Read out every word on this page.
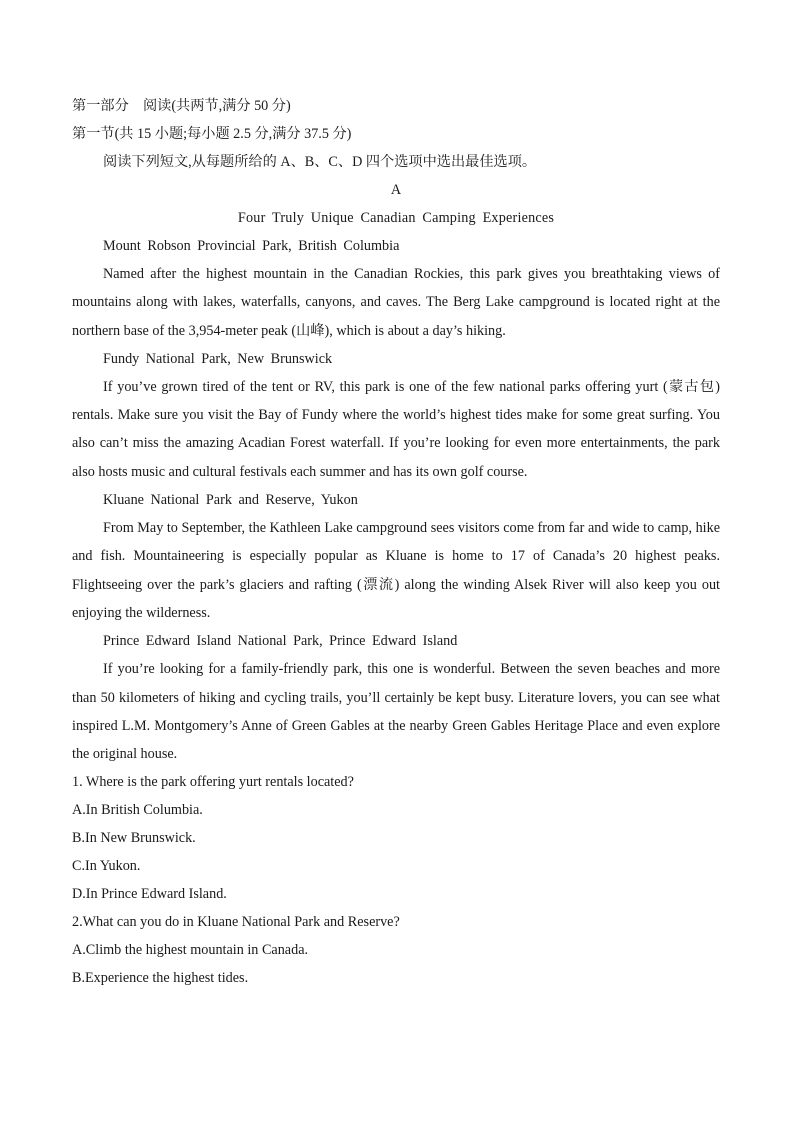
第一部分　阅读(共两节,满分 50 分)
第一节(共 15 小题;每小题 2.5 分,满分 37.5 分)
阅读下列短文,从每题所给的 A、B、C、D 四个选项中选出最佳选项。
A
Four Truly Unique Canadian Camping Experiences
Mount Robson Provincial Park, British Columbia

Named after the highest mountain in the Canadian Rockies, this park gives you breathtaking views of mountains along with lakes, waterfalls, canyons, and caves. The Berg Lake campground is located right at the northern base of the 3,954-meter peak (山峰), which is about a day’s hiking.

Fundy National Park, New Brunswick

If you’ve grown tired of the tent or RV, this park is one of the few national parks offering yurt (蒙古包) rentals. Make sure you visit the Bay of Fundy where the world’s highest tides make for some great surfing. You also can’t miss the amazing Acadian Forest waterfall. If you’re looking for even more entertainments, the park also hosts music and cultural festivals each summer and has its own golf course.

Kluane National Park and Reserve, Yukon

From May to September, the Kathleen Lake campground sees visitors come from far and wide to camp, hike and fish. Mountaineering is especially popular as Kluane is home to 17 of Canada’s 20 highest peaks. Flightseeing over the park’s glaciers and rafting (漂流) along the winding Alsek River will also keep you out enjoying the wilderness.

Prince Edward Island National Park, Prince Edward Island

If you’re looking for a family-friendly park, this one is wonderful. Between the seven beaches and more than 50 kilometers of hiking and cycling trails, you’ll certainly be kept busy. Literature lovers, you can see what inspired L.M. Montgomery’s Anne of Green Gables at the nearby Green Gables Heritage Place and even explore the original house.

1. Where is the park offering yurt rentals located?
A.In British Columbia.
B.In New Brunswick.
C.In Yukon.
D.In Prince Edward Island.
2.What can you do in Kluane National Park and Reserve?
A.Climb the highest mountain in Canada.
B.Experience the highest tides.
